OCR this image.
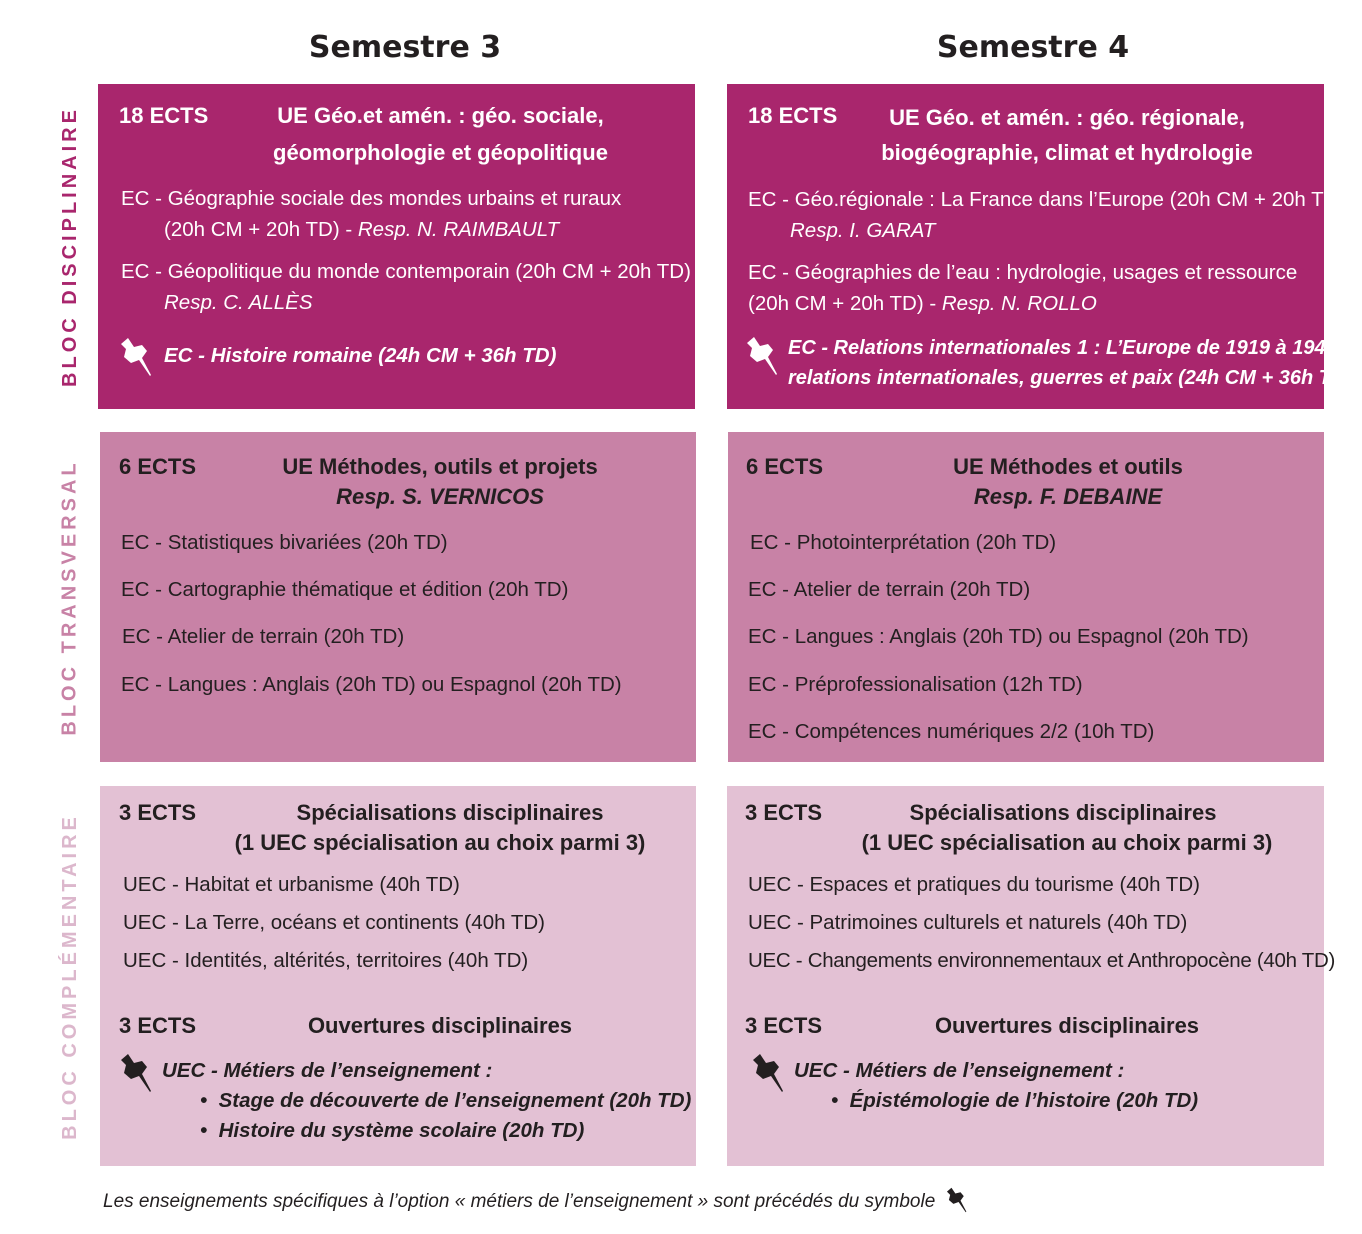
Semestre 3	Semestre 4
BLOC DISCIPLINAIRE
BLOC TRANSVERSAL
BLOC COMPLÉMENTAIRE
18 ECTS	UE Géo.et amén. : géo. sociale,
géomorphologie et géopolitique
EC - Géographie sociale des mondes urbains et ruraux
(20h CM + 20h TD) - Resp. N. RAIMBAULT
EC - Géopolitique du monde contemporain (20h CM + 20h TD)
Resp. C. ALLÈS
EC - Histoire romaine (24h CM + 36h TD)
18 ECTS	UE Géo. et amén. : géo. régionale,
biogéographie, climat et hydrologie
EC - Géo.régionale : La France dans l’Europe (20h CM + 20h TD)
Resp. I. GARAT
EC - Géographies de l’eau : hydrologie, usages et ressource
(20h CM + 20h TD) - Resp. N. ROLLO
EC - Relations internationales 1 : L’Europe de 1919 à 1945 :
relations internationales, guerres et paix (24h CM + 36h TD)
6 ECTS	UE Méthodes, outils et projets
Resp. S. VERNICOS
EC - Statistiques bivariées (20h TD)
EC - Cartographie thématique et édition (20h TD)
EC - Atelier de terrain (20h TD)
EC - Langues : Anglais (20h TD) ou Espagnol (20h TD)
6 ECTS	UE Méthodes et outils
Resp. F. DEBAINE
EC - Photointerprétation (20h TD)
EC - Atelier de terrain (20h TD)
EC - Langues : Anglais (20h TD) ou Espagnol (20h TD)
EC - Préprofessionalisation (12h TD)
EC - Compétences numériques 2/2 (10h TD)
3 ECTS	Spécialisations disciplinaires
(1 UEC spécialisation au choix parmi 3)
UEC - Habitat et urbanisme (40h TD)
UEC - La Terre, océans et continents (40h TD)
UEC - Identités, altérités, territoires (40h TD)
3 ECTS	Ouvertures disciplinaires
UEC - Métiers de l’enseignement :
•  Stage de découverte de l’enseignement (20h TD)
•  Histoire du système scolaire (20h TD)
3 ECTS	Spécialisations disciplinaires
(1 UEC spécialisation au choix parmi 3)
UEC - Espaces et pratiques du tourisme (40h TD)
UEC - Patrimoines culturels et naturels (40h TD)
UEC - Changements environnementaux et Anthropocène (40h TD)
3 ECTS	Ouvertures disciplinaires
UEC - Métiers de l’enseignement :
•  Épistémologie de l’histoire (20h TD)
Les enseignements spécifiques à l’option « métiers de l’enseignement » sont précédés du symbole
